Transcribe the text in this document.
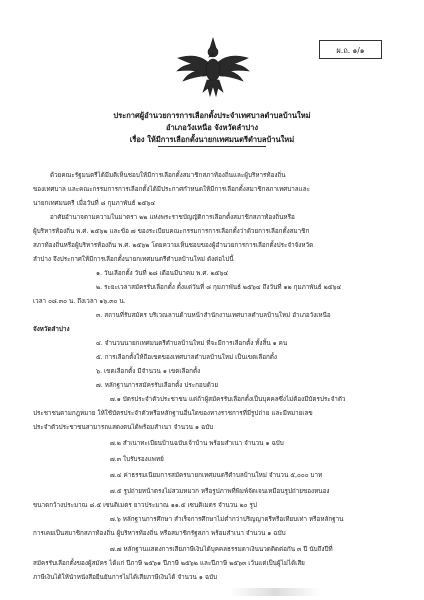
ผ.ถ. ๑/๑
ประกาศผู้อำนวยการการเลือกตั้งประจำเทศบาลตำบลบ้านใหม่
อำเภอวังเหนือ จังหวัดลำปาง
เรื่อง ให้มีการเลือกตั้งนายกเทศมนตรีตำบลบ้านใหม่
ด้วยคณะรัฐมนตรีได้มีมติเห็นชอบให้มีการเลือกตั้งสมาชิกสภาท้องถิ่นและผู้บริหารท้องถิ่น
ของเทศบาล และคณะกรรมการการเลือกตั้งได้มีประกาศกำหนดให้มีการเลือกตั้งสมาชิกสภาเทศบาลและ
นายกเทศมนตรี เมื่อวันที่ ๘ กุมภาพันธ์ ๒๕๖๔
อาศัยอำนาจตามความในมาตรา ๒๒ แห่งพระราชบัญญัติการเลือกตั้งสมาชิกสภาท้องถิ่นหรือ
ผู้บริหารท้องถิ่น พ.ศ. ๒๕๖๒ และข้อ ๗ ของระเบียบคณะกรรมการการเลือกตั้งว่าด้วยการเลือกตั้งสมาชิก
สภาท้องถิ่นหรือผู้บริหารท้องถิ่น พ.ศ. ๒๕๖๒ โดยความเห็นชอบของผู้อำนวยการการเลือกตั้งประจำจังหวัด
ลำปาง จึงประกาศให้มีการเลือกตั้งนายกเทศมนตรีตำบลบ้านใหม่ ดังต่อไปนี้
๑. วันเลือกตั้ง วันที่ ๒๘ เดือนมีนาคม พ.ศ. ๒๕๖๔
๒. ระยะเวลาสมัครรับเลือกตั้ง ตั้งแต่วันที่ ๘ กุมภาพันธ์ ๒๕๖๔ ถึงวันที่ ๑๒ กุมภาพันธ์ ๒๕๖๔
เวลา ๐๘.๓๐ น. ถึงเวลา ๑๖.๓๐ น.
๓. สถานที่รับสมัคร บริเวณลานด้านหน้าสำนักงานเทศบาลตำบลบ้านใหม่ อำเภอวังเหนือ
จังหวัดลำปาง
๔. จำนวนนายกเทศมนตรีตำบลบ้านใหม่ ที่จะมีการเลือกตั้ง ทั้งสิ้น ๑ คน
๕. การเลือกตั้งให้ถือเขตของเทศบาลตำบลบ้านใหม่ เป็นเขตเลือกตั้ง
๖. เขตเลือกตั้ง มีจำนวน ๑ เขตเลือกตั้ง
๗. หลักฐานการสมัครรับเลือกตั้ง ประกอบด้วย
๗.๑ บัตรประจำตัวประชาชน แต่ถ้าผู้สมัครรับเลือกตั้งเป็นบุคคลซึ่งไม่ต้องมีบัตรประจำตัว
ประชาชนตามกฎหมาย ให้ใช้บัตรประจำตัวหรือหลักฐานอื่นใดของทางราชการที่มีรูปถ่าย และมีหมายเลข
ประจำตัวประชาชนสามารถแสดงตนได้พร้อมสำเนา จำนวน ๑ ฉบับ
๗.๒ สำเนาทะเบียนบ้านฉบับเจ้าบ้าน พร้อมสำเนา จำนวน ๑ ฉบับ
๗.๓ ใบรับรองแพทย์
๗.๔ ค่าธรรมเนียมการสมัครนายกเทศมนตรีตำบลบ้านใหม่ จำนวน ๕,๐๐๐ บาท
๗.๕ รูปถ่ายหน้าตรงไม่สวมหมวก หรือรูปภาพที่พิมพ์จัดเจนเหมือนรูปถ่ายของหนอง
ขนาดกว้างประมาณ ๘.๕ เซนติเมตร ยาวประมาณ ๑๑.๕ เซนติเมตร จำนวน ๒๐ รูป
๗.๖ หลักฐานการศึกษา สำเร็จการศึกษาไม่ต่ำกว่าปริญญาตรีหรือเทียบเท่า หรือหลักฐาน
การเคยเป็นสมาชิกสภาท้องถิ่น ผู้บริหารท้องถิ่น หรือสมาชิกรัฐสภา พร้อมสำเนา จำนวน ๑ ฉบับ
๗.๗ หลักฐานแสดงการเสียภาษีเงินได้บุคคลธรรมดาเงินนวดติดต่อกัน ๓ ปี นับถึงปีที่
สมัครรับเลือกตั้งของผู้สมัคร ได้แก่ ปีภาษี ๒๕๖๑ ปีภาษี ๒๕๖๒ และปีภาษี ๒๕๖๓ เว้นแต่เป็นผู้ไม่ได้เสีย
ภาษีเงินได้ให้นำหนังสือยืนยันการไม่ได้เสียภาษีเงินได้ จำนวน ๑ ฉบับ
